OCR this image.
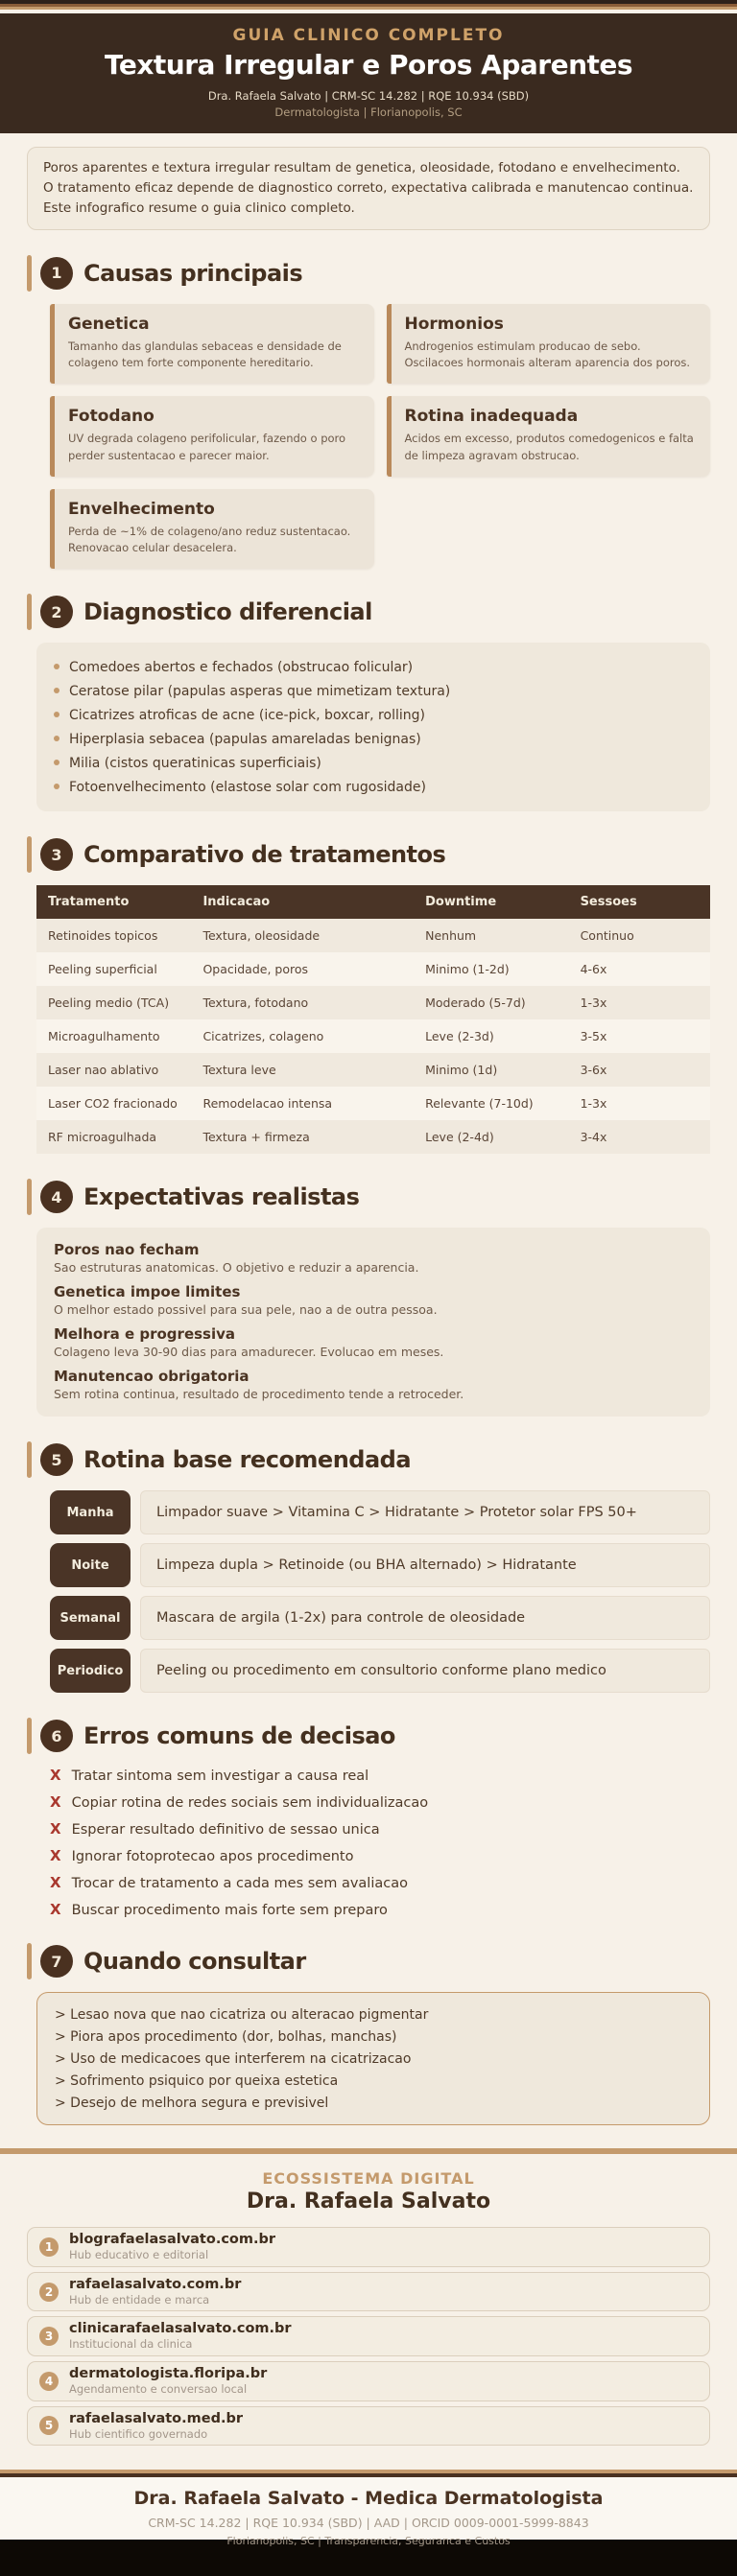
GUIA CLINICO COMPLETO
Textura Irregular e Poros Aparentes
Dra. Rafaela Salvato | CRM-SC 14.282 | RQE 10.934 (SBD)
Dermatologista | Florianopolis, SC
Poros aparentes e textura irregular resultam de genetica, oleosidade, fotodano e envelhecimento. O tratamento eficaz depende de diagnostico correto, expectativa calibrada e manutencao continua. Este infografico resume o guia clinico completo.
1 Causas principais
Genetica
Tamanho das glandulas sebaceas e densidade de colageno tem forte componente hereditario.
Hormonios
Androgenios estimulam producao de sebo. Oscilacoes hormonais alteram aparencia dos poros.
Fotodano
UV degrada colageno perifolicular, fazendo o poro perder sustentacao e parecer maior.
Rotina inadequada
Acidos em excesso, produtos comedogenicos e falta de limpeza agravam obstrucao.
Envelhecimento
Perda de ~1% de colageno/ano reduz sustentacao. Renovacao celular desacelera.
2 Diagnostico diferencial
Comedoes abertos e fechados (obstrucao folicular)
Ceratose pilar (papulas asperas que mimetizam textura)
Cicatrizes atroficas de acne (ice-pick, boxcar, rolling)
Hiperplasia sebacea (papulas amareladas benignas)
Milia (cistos queratinicas superficiais)
Fotoenvelhecimento (elastose solar com rugosidade)
3 Comparativo de tratamentos
Tratamento	Indicacao	Downtime	Sessoes
Retinoides topicos	Textura, oleosidade	Nenhum	Continuo
Peeling superficial	Opacidade, poros	Minimo (1-2d)	4-6x
Peeling medio (TCA)	Textura, fotodano	Moderado (5-7d)	1-3x
Microagulhamento	Cicatrizes, colageno	Leve (2-3d)	3-5x
Laser nao ablativo	Textura leve	Minimo (1d)	3-6x
Laser CO2 fracionado	Remodelacao intensa	Relevante (7-10d)	1-3x
RF microagulhada	Textura + firmeza	Leve (2-4d)	3-4x
4 Expectativas realistas
Poros nao fecham
Sao estruturas anatomicas. O objetivo e reduzir a aparencia.
Genetica impoe limites
O melhor estado possivel para sua pele, nao a de outra pessoa.
Melhora e progressiva
Colageno leva 30-90 dias para amadurecer. Evolucao em meses.
Manutencao obrigatoria
Sem rotina continua, resultado de procedimento tende a retroceder.
5 Rotina base recomendada
Manha	Limpador suave > Vitamina C > Hidratante > Protetor solar FPS 50+
Noite	Limpeza dupla > Retinoide (ou BHA alternado) > Hidratante
Semanal	Mascara de argila (1-2x) para controle de oleosidade
Periodico	Peeling ou procedimento em consultorio conforme plano medico
6 Erros comuns de decisao
X Tratar sintoma sem investigar a causa real
X Copiar rotina de redes sociais sem individualizacao
X Esperar resultado definitivo de sessao unica
X Ignorar fotoprotecao apos procedimento
X Trocar de tratamento a cada mes sem avaliacao
X Buscar procedimento mais forte sem preparo
7 Quando consultar
> Lesao nova que nao cicatriza ou alteracao pigmentar
> Piora apos procedimento (dor, bolhas, manchas)
> Uso de medicacoes que interferem na cicatrizacao
> Sofrimento psiquico por queixa estetica
> Desejo de melhora segura e previsivel
ECOSSISTEMA DIGITAL
Dra. Rafaela Salvato
1	blografaelasalvato.com.br
Hub educativo e editorial
2	rafaelasalvato.com.br
Hub de entidade e marca
3	clinicarafaelasalvato.com.br
Institucional da clinica
4	dermatologista.floripa.br
Agendamento e conversao local
5	rafaelasalvato.med.br
Hub cientifico governado
Dra. Rafaela Salvato - Medica Dermatologista
CRM-SC 14.282 | RQE 10.934 (SBD) | AAD | ORCID 0009-0001-5999-8843
